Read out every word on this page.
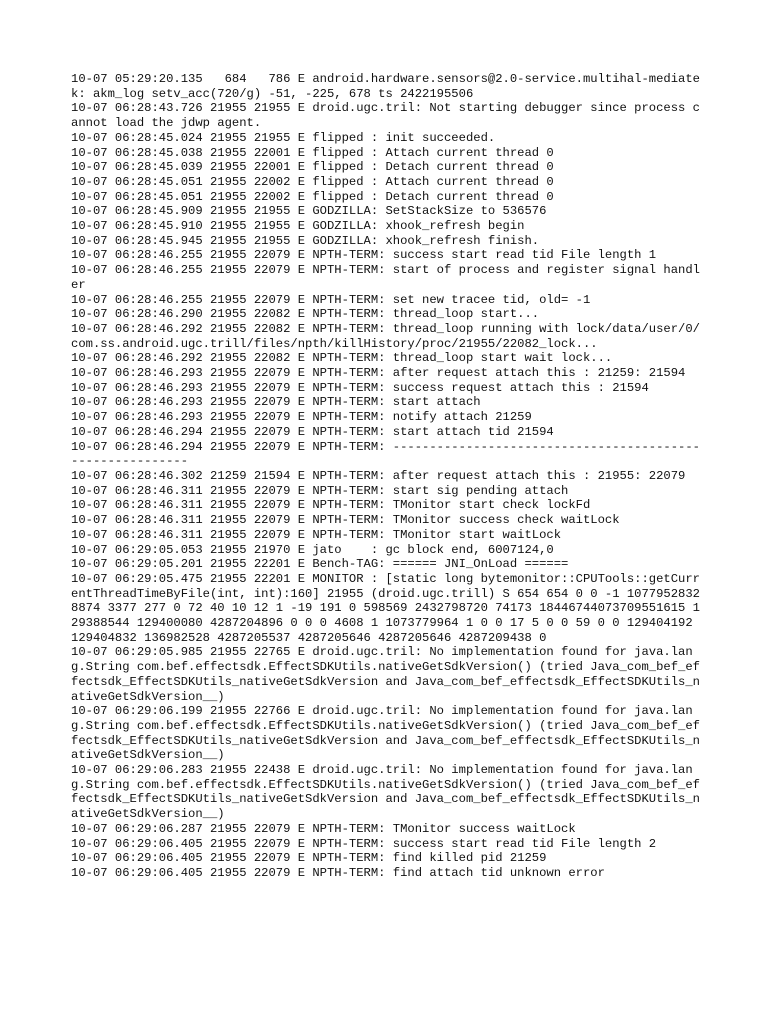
10-07 05:29:20.135   684   786 E android.hardware.sensors@2.0-service.multihal-mediatek: akm_log setv_acc(720/g) -51, -225, 678 ts 2422195506

10-07 06:28:43.726 21955 21955 E droid.ugc.tril: Not starting debugger since process cannot load the jdwp agent.

10-07 06:28:45.024 21955 21955 E flipped : init succeeded.

10-07 06:28:45.038 21955 22001 E flipped : Attach current thread 0

10-07 06:28:45.039 21955 22001 E flipped : Detach current thread 0

10-07 06:28:45.051 21955 22002 E flipped : Attach current thread 0

10-07 06:28:45.051 21955 22002 E flipped : Detach current thread 0

10-07 06:28:45.909 21955 21955 E GODZILLA: SetStackSize to 536576

10-07 06:28:45.910 21955 21955 E GODZILLA: xhook_refresh begin

10-07 06:28:45.945 21955 21955 E GODZILLA: xhook_refresh finish.

10-07 06:28:46.255 21955 22079 E NPTH-TERM: success start read tid File length 1

10-07 06:28:46.255 21955 22079 E NPTH-TERM: start of process and register signal handler

10-07 06:28:46.255 21955 22079 E NPTH-TERM: set new tracee tid, old= -1

10-07 06:28:46.290 21955 22082 E NPTH-TERM: thread_loop start...

10-07 06:28:46.292 21955 22082 E NPTH-TERM: thread_loop running with lock/data/user/0/com.ss.android.ugc.trill/files/npth/killHistory/proc/21955/22082_lock...

10-07 06:28:46.292 21955 22082 E NPTH-TERM: thread_loop start wait lock...

10-07 06:28:46.293 21955 22079 E NPTH-TERM: after request attach this : 21259: 21594

10-07 06:28:46.293 21955 22079 E NPTH-TERM: success request attach this : 21594

10-07 06:28:46.293 21955 22079 E NPTH-TERM: start attach

10-07 06:28:46.293 21955 22079 E NPTH-TERM: notify attach 21259

10-07 06:28:46.294 21955 22079 E NPTH-TERM: start attach tid 21594

10-07 06:28:46.294 21955 22079 E NPTH-TERM: ----------------------------------------------------------

10-07 06:28:46.302 21259 21594 E NPTH-TERM: after request attach this : 21955: 22079

10-07 06:28:46.311 21955 22079 E NPTH-TERM: start sig pending attach

10-07 06:28:46.311 21955 22079 E NPTH-TERM: TMonitor start check lockFd

10-07 06:28:46.311 21955 22079 E NPTH-TERM: TMonitor success check waitLock

10-07 06:28:46.311 21955 22079 E NPTH-TERM: TMonitor start waitLock

10-07 06:29:05.053 21955 21970 E jato    : gc block end, 6007124,0

10-07 06:29:05.201 21955 22201 E Bench-TAG: ====== JNI_OnLoad ======

10-07 06:29:05.475 21955 22201 E MONITOR : [static long bytemonitor::CPUTools::getCurrentThreadTimeByFile(int, int):160] 21955 (droid.ugc.trill) S 654 654 0 0 -1 1077952832 8874 3377 277 0 72 40 10 12 1 -19 191 0 598569 2432798720 74173 18446744073709551615 129388544 129400080 4287204896 0 0 0 4608 1 1073779964 1 0 0 17 5 0 0 59 0 0 129404192 129404832 136982528 4287205537 4287205646 4287205646 4287209438 0

10-07 06:29:05.985 21955 22765 E droid.ugc.tril: No implementation found for java.lang.String com.bef.effectsdk.EffectSDKUtils.nativeGetSdkVersion() (tried Java_com_bef_effectsdk_EffectSDKUtils_nativeGetSdkVersion and Java_com_bef_effectsdk_EffectSDKUtils_nativeGetSdkVersion__)

10-07 06:29:06.199 21955 22766 E droid.ugc.tril: No implementation found for java.lang.String com.bef.effectsdk.EffectSDKUtils.nativeGetSdkVersion() (tried Java_com_bef_effectsdk_EffectSDKUtils_nativeGetSdkVersion and Java_com_bef_effectsdk_EffectSDKUtils_nativeGetSdkVersion__)

10-07 06:29:06.283 21955 22438 E droid.ugc.tril: No implementation found for java.lang.String com.bef.effectsdk.EffectSDKUtils.nativeGetSdkVersion() (tried Java_com_bef_effectsdk_EffectSDKUtils_nativeGetSdkVersion and Java_com_bef_effectsdk_EffectSDKUtils_nativeGetSdkVersion__)

10-07 06:29:06.287 21955 22079 E NPTH-TERM: TMonitor success waitLock

10-07 06:29:06.405 21955 22079 E NPTH-TERM: success start read tid File length 2

10-07 06:29:06.405 21955 22079 E NPTH-TERM: find killed pid 21259

10-07 06:29:06.405 21955 22079 E NPTH-TERM: find attach tid unknown error
